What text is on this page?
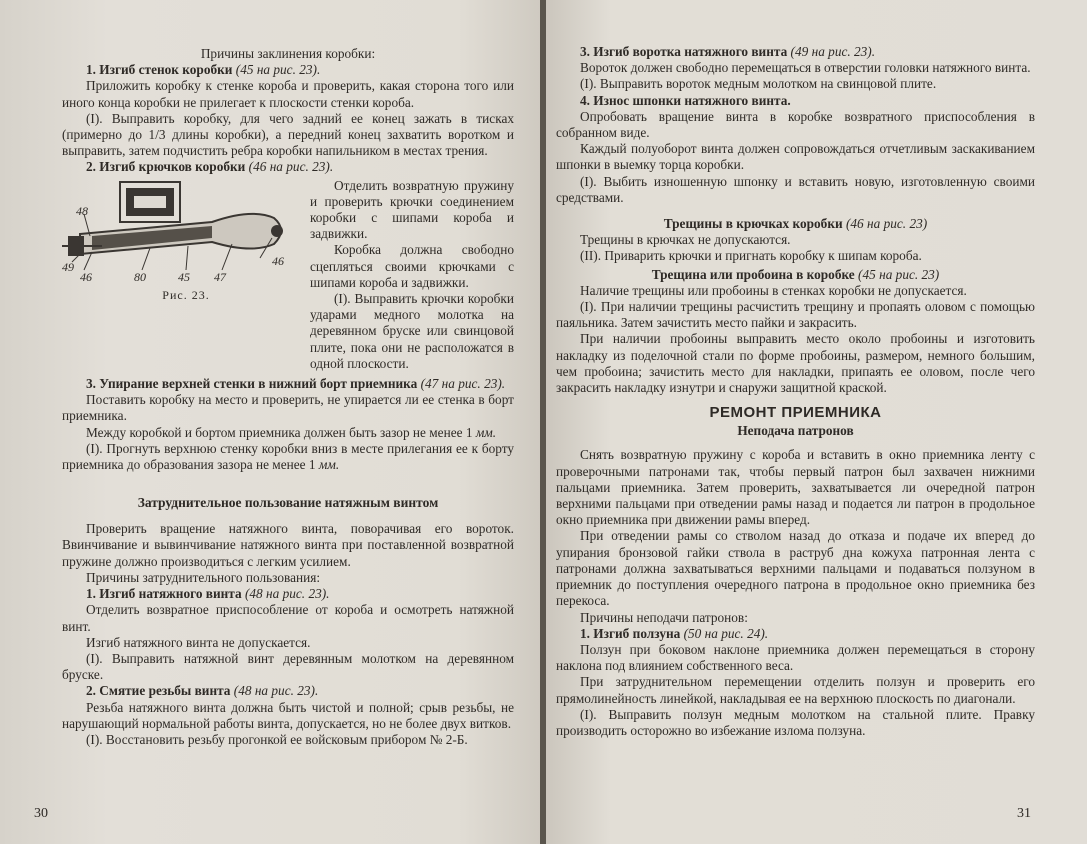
Причины заклинения коробки:

1. Изгиб стенок коробки (45 на рис. 23).

Приложить коробку к стенке короба и проверить, какая сторона того или иного конца коробки не прилегает к плоскости стенки короба.

(I). Выправить коробку, для чего задний ее конец зажать в тисках (примерно до 1/3 длины коробки), а передний конец захватить воротком и выправить, затем подчистить ребра коробки напильником в местах трения.

2. Изгиб крючков коробки (46 на рис. 23).

48
49
46	80	45 47
46
Рис. 23.

Отделить возвратную пружину и проверить крючки соединением коробки с шипами короба и задвижки.

Коробка должна свободно сцепляться своими крючками с шипами короба и задвижки.

(I). Выправить крючки коробки ударами медного молотка на деревянном бруске или свинцовой плите, пока они не расположатся в одной плоскости.

3. Упирание верхней стенки в нижний борт приемника (47 на рис. 23).

Поставить коробку на место и проверить, не упирается ли ее стенка в борт приемника.

Между коробкой и бортом приемника должен быть зазор не менее 1 мм.

(I). Прогнуть верхнюю стенку коробки вниз в месте прилегания ее к борту приемника до образования зазора не менее 1 мм.

Затруднительное пользование натяжным винтом

Проверить вращение натяжного винта, поворачивая его вороток. Ввинчивание и вывинчивание натяжного винта при поставленной возвратной пружине должно производиться с легким усилием.

Причины затруднительного пользования:

1. Изгиб натяжного винта (48 на рис. 23).

Отделить возвратное приспособление от короба и осмотреть натяжной винт.

Изгиб натяжного винта не допускается.

(I). Выправить натяжной винт деревянным молотком на деревянном бруске.

2. Смятие резьбы винта (48 на рис. 23).

Резьба натяжного винта должна быть чистой и полной; срыв резьбы, не нарушающий нормальной работы винта, допускается, но не более двух витков.

(I). Восстановить резьбу прогонкой ее войсковым прибором № 2-Б.

30

3. Изгиб воротка натяжного винта (49 на рис. 23).

Вороток должен свободно перемещаться в отверстии головки натяжного винта.

(I). Выправить вороток медным молотком на свинцовой плите.

4. Износ шпонки натяжного винта.

Опробовать вращение винта в коробке возвратного приспособления в собранном виде.

Каждый полуоборот винта должен сопровождаться отчетливым заскакиванием шпонки в выемку торца коробки.

(I). Выбить изношенную шпонку и вставить новую, изготовленную своими средствами.

Трещины в крючках коробки (46 на рис. 23)

Трещины в крючках не допускаются.

(II). Приварить крючки и пригнать коробку к шипам короба.

Трещина или пробоина в коробке (45 на рис. 23)

Наличие трещины или пробоины в стенках коробки не допускается.

(I). При наличии трещины расчистить трещину и пропаять оловом с помощью паяльника. Затем зачистить место пайки и закрасить.

При наличии пробоины выправить место около пробоины и изготовить накладку из поделочной стали по форме пробоины, размером, немного большим, чем пробоина; зачистить место для накладки, припаять ее оловом, после чего закрасить накладку изнутри и снаружи защитной краской.

РЕМОНТ ПРИЕМНИКА

Неподача патронов

Снять возвратную пружину с короба и вставить в окно приемника ленту с проверочными патронами так, чтобы первый патрон был захвачен нижними пальцами приемника. Затем проверить, захватывается ли очередной патрон верхними пальцами при отведении рамы назад и подается ли патрон в продольное окно приемника при движении рамы вперед.

При отведении рамы со стволом назад до отказа и подаче их вперед до упирания бронзовой гайки ствола в раструб дна кожуха патронная лента с патронами должна захватываться верхними пальцами и подаваться ползуном в приемник до поступления очередного патрона в продольное окно приемника без перекоса.

Причины неподачи патронов:

1. Изгиб ползуна (50 на рис. 24).

Ползун при боковом наклоне приемника должен перемещаться в сторону наклона под влиянием собственного веса.

При затруднительном перемещении отделить ползун и проверить его прямолинейность линейкой, накладывая ее на верхнюю плоскость по диагонали.

(I). Выправить ползун медным молотком на стальной плите. Правку производить осторожно во избежание излома ползуна.

31
